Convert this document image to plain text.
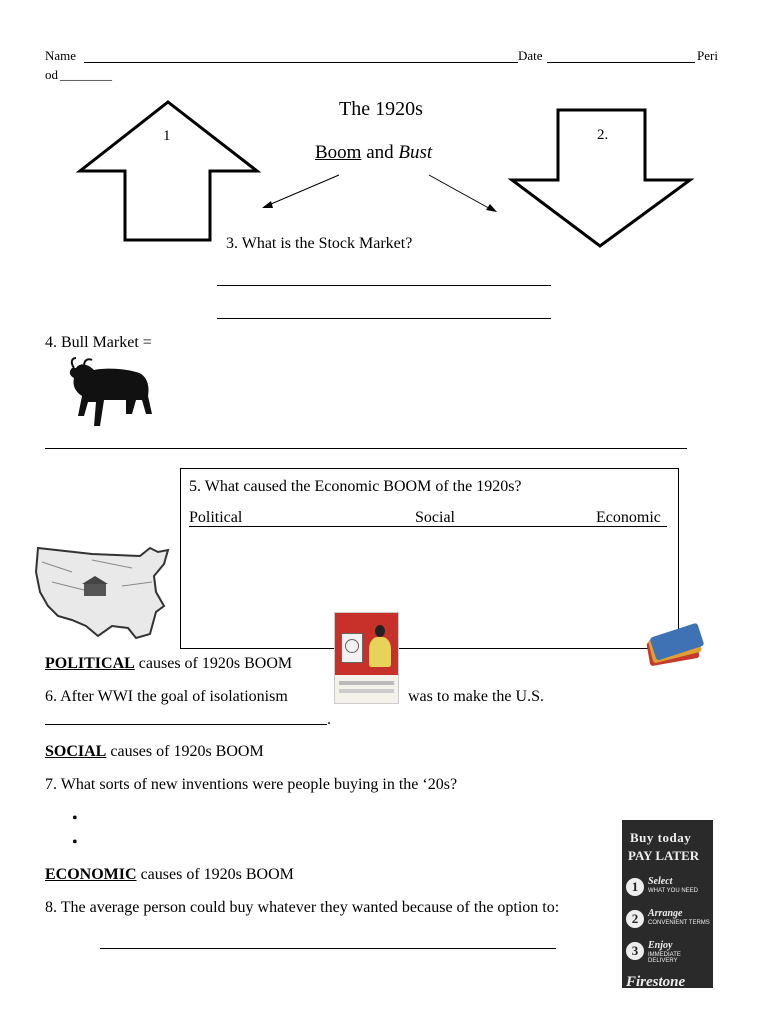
Name	Date	Peri
od ________
1	2.
The 1920s
Boom and Bust
3. What is the Stock Market?
4. Bull Market =
5. What caused the Economic BOOM of the 1920s?
Political	Social	Economic
POLITICAL causes of 1920s BOOM
6. After WWI the goal of isolationism	was to make the U.S.
.
SOCIAL causes of 1920s BOOM
7. What sorts of new inventions were people buying in the ‘20s?
•
•
ECONOMIC causes of 1920s BOOM
8. The average person could buy whatever they wanted because of the option to:
Buy today
PAY LATER
1 Select
WHAT YOU NEED
2 Arrange
CONVENIENT TERMS
3 Enjoy
IMMEDIATE DELIVERY
Firestone
